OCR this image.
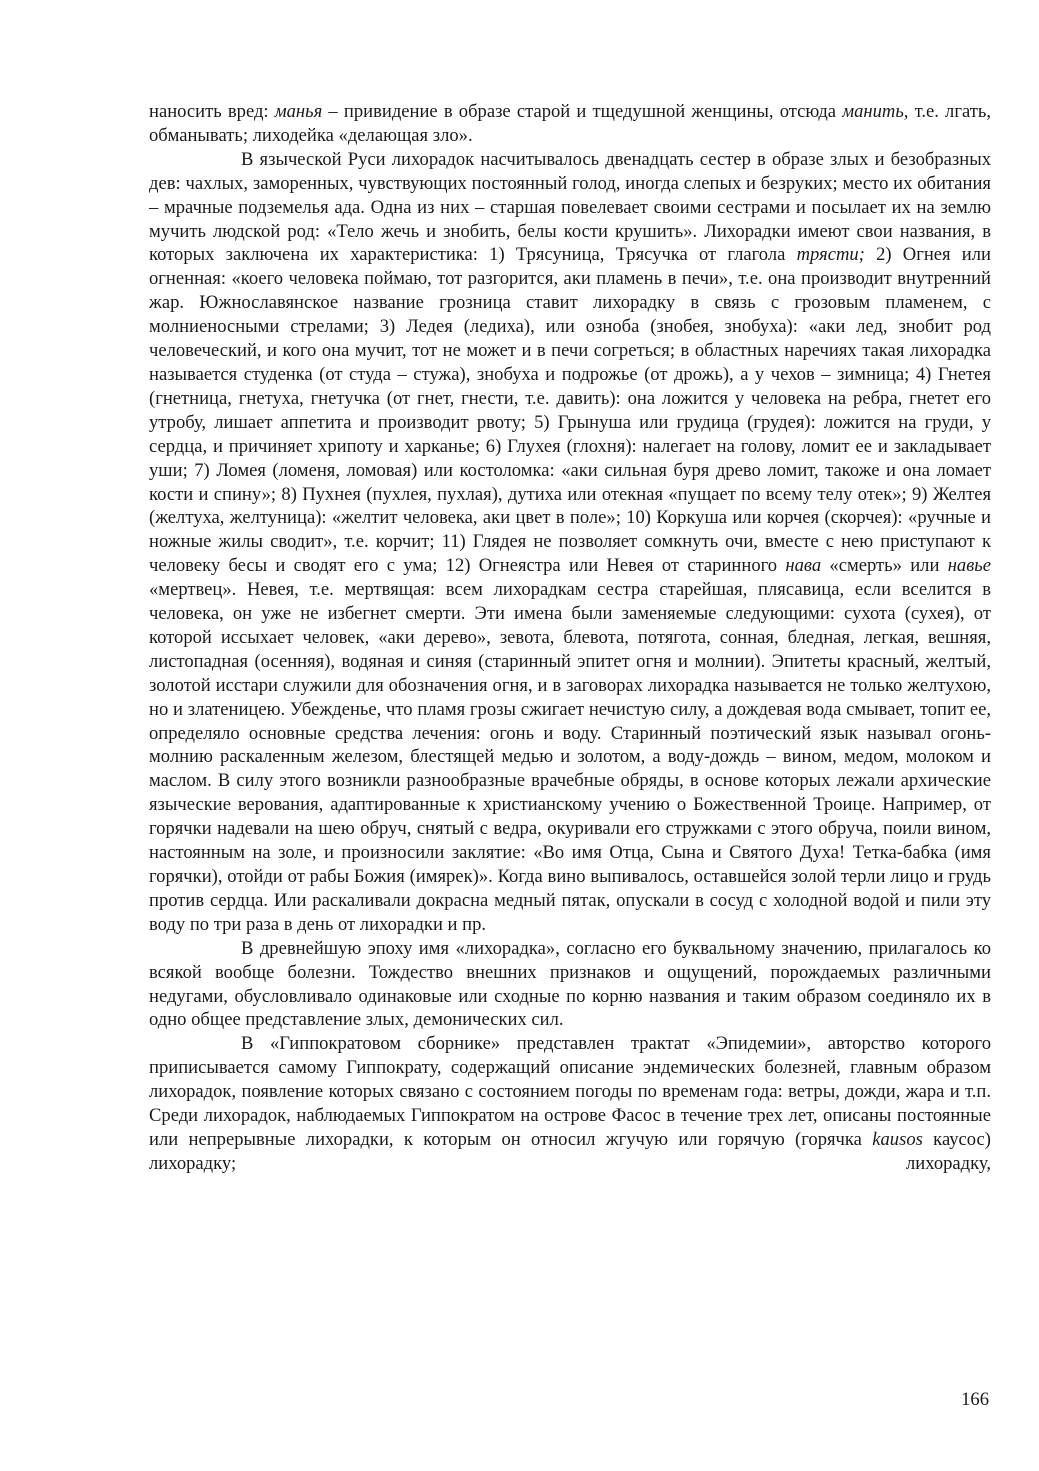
наносить вред: манья – привидение в образе старой и тщедушной женщины, отсюда манить, т.е. лгать, обманывать; лиходейка «делающая зло».

В языческой Руси лихорадок насчитывалось двенадцать сестер в образе злых и безобразных дев: чахлых, заморенных, чувствующих постоянный голод, иногда слепых и безруких; место их обитания – мрачные подземелья ада. Одна из них – старшая повелевает своими сестрами и посылает их на землю мучить людской род: «Тело жечь и знобить, белы кости крушить». Лихорадки имеют свои названия, в которых заключена их характеристика: 1) Трясуница, Трясучка от глагола трясти; 2) Огнея или огненная: «коего человека поймаю, тот разгорится, аки пламень в печи», т.е. она производит внутренний жар. Южнославянское название грозница ставит лихорадку в связь с грозовым пламенем, с молниеносными стрелами; 3) Ледея (ледиха), или озноба (знобея, знобуха): «аки лед, знобит род человеческий, и кого она мучит, тот не может и в печи согреться; в областных наречиях такая лихорадка называется студенка (от студа – стужа), знобуха и подрожье (от дрожь), а у чехов – зимница; 4) Гнетея (гнетница, гнетуха, гнетучка (от гнет, гнести, т.е. давить): она ложится у человека на ребра, гнетет его утробу, лишает аппетита и производит рвоту; 5) Грынуша или грудица (грудея): ложится на груди, у сердца, и причиняет хрипоту и харканье; 6) Глухея (глохня): налегает на голову, ломит ее и закладывает уши; 7) Ломея (ломеня, ломовая) или костоломка: «аки сильная буря древо ломит, такоже и она ломает кости и спину»; 8) Пухнея (пухлея, пухлая), дутиха или отекная «пущает по всему телу отек»; 9) Желтея (желтуха, желтуница): «желтит человека, аки цвет в поле»; 10) Коркуша или корчея (скорчея): «ручные и ножные жилы сводит», т.е. корчит; 11) Глядея не позволяет сомкнуть очи, вместе с нею приступают к человеку бесы и сводят его с ума; 12) Огнеястра или Невея от старинного нава «смерть» или навье «мертвец». Невея, т.е. мертвящая: всем лихорадкам сестра старейшая, плясавица, если вселится в человека, он уже не избегнет смерти. Эти имена были заменяемые следующими: сухота (сухея), от которой иссыхает человек, «аки дерево», зевота, блевота, потягота, сонная, бледная, легкая, вешняя, листопадная (осенняя), водяная и синяя (старинный эпитет огня и молнии). Эпитеты красный, желтый, золотой исстари служили для обозначения огня, и в заговорах лихорадка называется не только желтухою, но и златеницею. Убежденье, что пламя грозы сжигает нечистую силу, а дождевая вода смывает, топит ее, определяло основные средства лечения: огонь и воду. Старинный поэтический язык называл огонь-молнию раскаленным железом, блестящей медью и золотом, а воду-дождь – вином, медом, молоком и маслом. В силу этого возникли разнообразные врачебные обряды, в основе которых лежали архические языческие верования, адаптированные к христианскому учению о Божественной Троице. Например, от горячки надевали на шею обруч, снятый с ведра, окуривали его стружками с этого обруча, поили вином, настоянным на золе, и произносили заклятие: «Во имя Отца, Сына и Святого Духа! Тетка-бабка (имя горячки), отойди от рабы Божия (имярек)». Когда вино выпивалось, оставшейся золой терли лицо и грудь против сердца. Или раскаливали докрасна медный пятак, опускали в сосуд с холодной водой и пили эту воду по три раза в день от лихорадки и пр.

В древнейшую эпоху имя «лихорадка», согласно его буквальному значению, прилагалось ко всякой вообще болезни. Тождество внешних признаков и ощущений, порождаемых различными недугами, обусловливало одинаковые или сходные по корню названия и таким образом соединяло их в одно общее представление злых, демонических сил.

В «Гиппократовом сборнике» представлен трактат «Эпидемии», авторство которого приписывается самому Гиппократу, содержащий описание эндемических болезней, главным образом лихорадок, появление которых связано с состоянием погоды по временам года: ветры, дожди, жара и т.п. Среди лихорадок, наблюдаемых Гиппократом на острове Фасос в течение трех лет, описаны постоянные или непрерывные лихорадки, к которым он относил жгучую или горячую (горячка kausos каусос) лихорадку; лихорадку,

166
